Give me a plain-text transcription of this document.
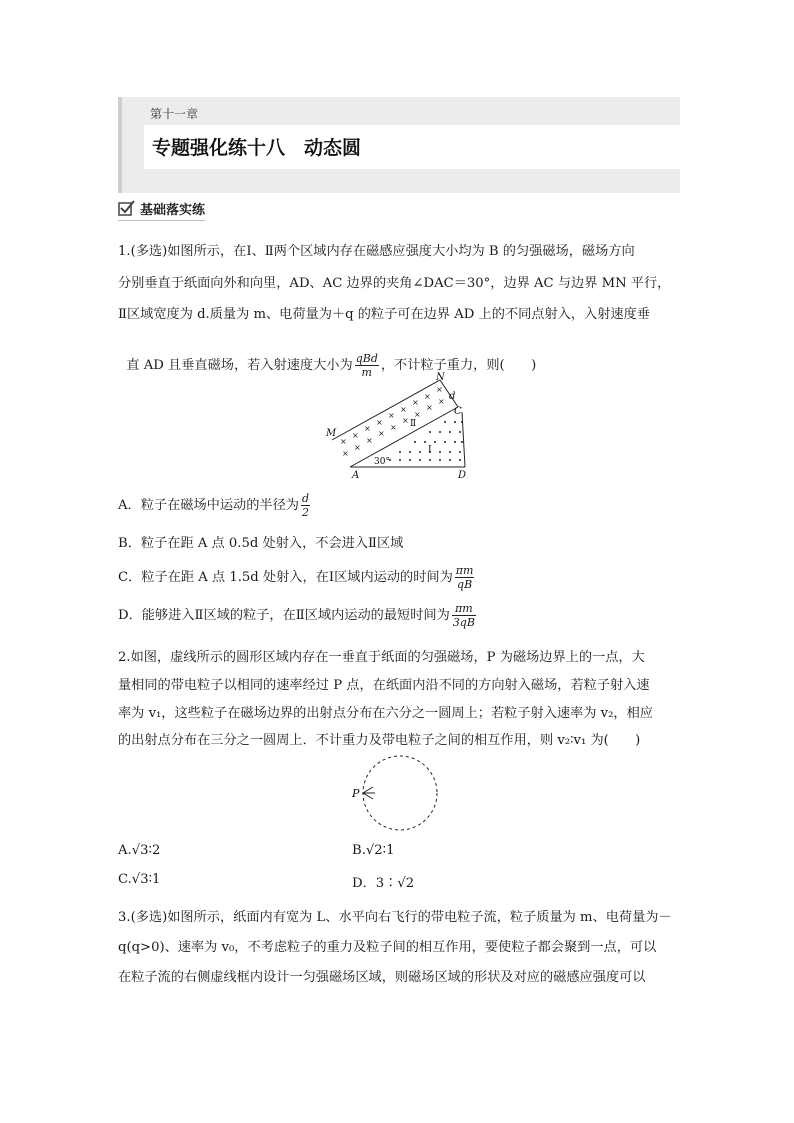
第十一章
专题强化练十八　动态圆
基础落实练
1.(多选)如图所示，在Ⅰ、Ⅱ两个区域内存在磁感应强度大小均为 B 的匀强磁场，磁场方向
分别垂直于纸面向外和向里，AD、AC 边界的夹角∠DAC＝30°，边界 AC 与边界 MN 平行，
Ⅱ区域宽度为 d.质量为 m、电荷量为＋q 的粒子可在边界 AD 上的不同点射入，入射速度垂

直 AD 且垂直磁场，若入射速度大小为 $\frac{\text{qBd}}{m}$ ，不计粒子重力，则(　　)

×
×
×
×
×
×
×
×
×
×
×
×
×
×
×
×
×
×
N
d
C
M
A	D
Ⅱ
Ⅰ
30°
A．粒子在磁场中运动的半径为 $\frac{d}{2}$
B．粒子在距 A 点 0.5d 处射入，不会进入Ⅱ区域
C．粒子在距 A 点 1.5d 处射入，在Ⅰ区域内运动的时间为 $\frac{\pi m}{qB}$
D．能够进入Ⅱ区域的粒子，在Ⅱ区域内运动的最短时间为 $\frac{\pi m}{3qB}$
2.如图，虚线所示的圆形区域内存在一垂直于纸面的匀强磁场，P 为磁场边界上的一点，大
量相同的带电粒子以相同的速率经过 P 点，在纸面内沿不同的方向射入磁场，若粒子射入速
率为 v₁，这些粒子在磁场边界的出射点分布在六分之一圆周上；若粒子射入速率为 v₂，相应
的出射点分布在三分之一圆周上．不计重力及带电粒子之间的相互作用，则 v₂∶v₁ 为(　　)
P
A.√3∶2	B.√2∶1
C.√3∶1	D．3∶√2
3.(多选)如图所示，纸面内有宽为 L、水平向右飞行的带电粒子流，粒子质量为 m、电荷量为－
q(q>0)、速率为 v₀，不考虑粒子的重力及粒子间的相互作用，要使粒子都会聚到一点，可以
在粒子流的右侧虚线框内设计一匀强磁场区域，则磁场区域的形状及对应的磁感应强度可以
